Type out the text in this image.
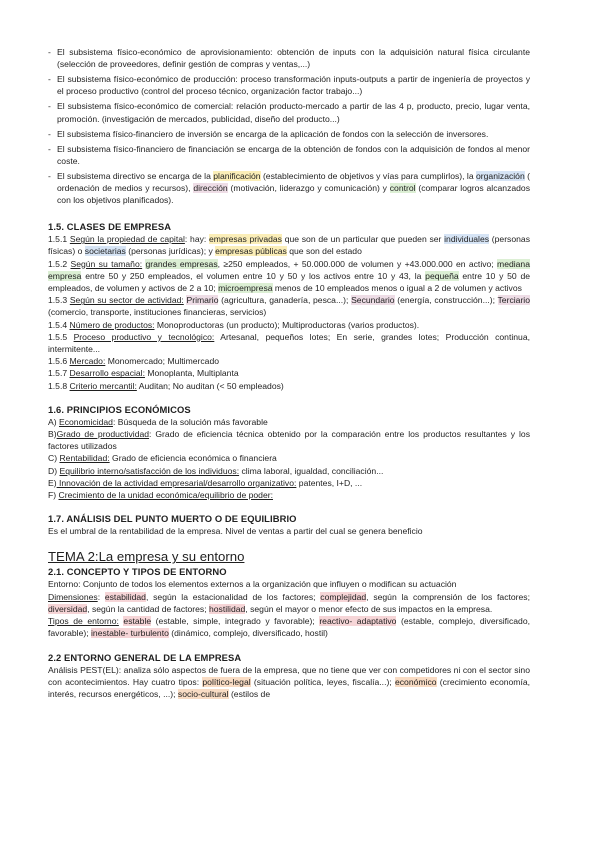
- El subsistema físico-económico de aprovisionamiento: obtención de inputs con la adquisición natural física circulante (selección de proveedores, definir gestión de compras y ventas,...)
- El subsistema físico-económico de producción: proceso transformación inputs-outputs a partir de ingeniería de proyectos y el proceso productivo (control del proceso técnico, organización factor trabajo...)
- El subsistema físico-económico de comercial: relación producto-mercado a partir de las 4 p, producto, precio, lugar venta, promoción. (investigación de mercados, publicidad, diseño del producto...)
- El subsistema físico-financiero de inversión se encarga de la aplicación de fondos con la selección de inversores.
- El subsistema físico-financiero de financiación se encarga de la obtención de fondos con la adquisición de fondos al menor coste.
- El subsistema directivo se encarga de la planificación (establecimiento de objetivos y vías para cumplirlos), la organización ( ordenación de medios y recursos), dirección (motivación, liderazgo y comunicación) y control (comparar logros alcanzados con los objetivos planificados).
1.5. CLASES DE EMPRESA

1.5.1 Según la propiedad de capital: hay: empresas privadas que son de un particular que pueden ser individuales (personas físicas) o societarias (personas jurídicas); y empresas públicas que son del estado

1.5.2 Según su tamaño: grandes empresas, ≥250 empleados, + 50.000.000 de volumen y +43.000.000 en activo; mediana empresa entre 50 y 250 empleados, el volumen entre 10 y 50 y los activos entre 10 y 43, la pequeña entre 10 y 50 de empleados, de volumen y activos de 2 a 10; microempresa menos de 10 empleados menos o igual a 2 de volumen y activos

1.5.3 Según su sector de actividad: Primario (agricultura, ganadería, pesca...); Secundario (energía, construcción...); Terciario (comercio, transporte, instituciones financieras, servicios)

1.5.4 Número de productos: Monoproductoras (un producto); Multiproductoras (varios productos).

1.5.5 Proceso productivo y tecnológico: Artesanal, pequeños lotes; En serie, grandes lotes; Producción continua, intermitente...

1.5.6 Mercado: Monomercado; Multimercado

1.5.7 Desarrollo espacial: Monoplanta, Multiplanta

1.5.8 Criterio mercantil: Auditan; No auditan (< 50 empleados)

1.6. PRINCIPIOS ECONÓMICOS

A) Economicidad: Búsqueda de la solución más favorable

B)Grado de productividad: Grado de eficiencia técnica obtenido por la comparación entre los productos resultantes y los factores utilizados

C) Rentabilidad: Grado de eficiencia económica o financiera

D) Equilibrio interno/satisfacción de los individuos: clima laboral, igualdad, conciliación...

E) Innovación de la actividad empresarial/desarrollo organizativo: patentes, I+D, ...

F) Crecimiento de la unidad económica/equilibrio de poder:

1.7. ANÁLISIS DEL PUNTO MUERTO O DE EQUILIBRIO

Es el umbral de la rentabilidad de la empresa. Nivel de ventas a partir del cual se genera beneficio

TEMA 2:La empresa y su entorno
2.1. CONCEPTO Y TIPOS DE ENTORNO

Entorno: Conjunto de todos los elementos externos a la organización que influyen o modifican su actuación

Dimensiones: estabilidad, según la estacionalidad de los factores; complejidad, según la comprensión de los factores; diversidad, según la cantidad de factores; hostilidad, según el mayor o menor efecto de sus impactos en la empresa.

Tipos de entorno: estable (estable, simple, integrado y favorable); reactivo- adaptativo (estable, complejo, diversificado, favorable); inestable- turbulento (dinámico, complejo, diversificado, hostil)

2.2 ENTORNO GENERAL DE LA EMPRESA

Análisis PEST(EL): analiza sólo aspectos de fuera de la empresa, que no tiene que ver con competidores ni con el sector sino con acontecimientos. Hay cuatro tipos: político-legal (situación política, leyes, fiscalía...); económico (crecimiento economía, interés, recursos energéticos, ...); socio-cultural (estilos de
